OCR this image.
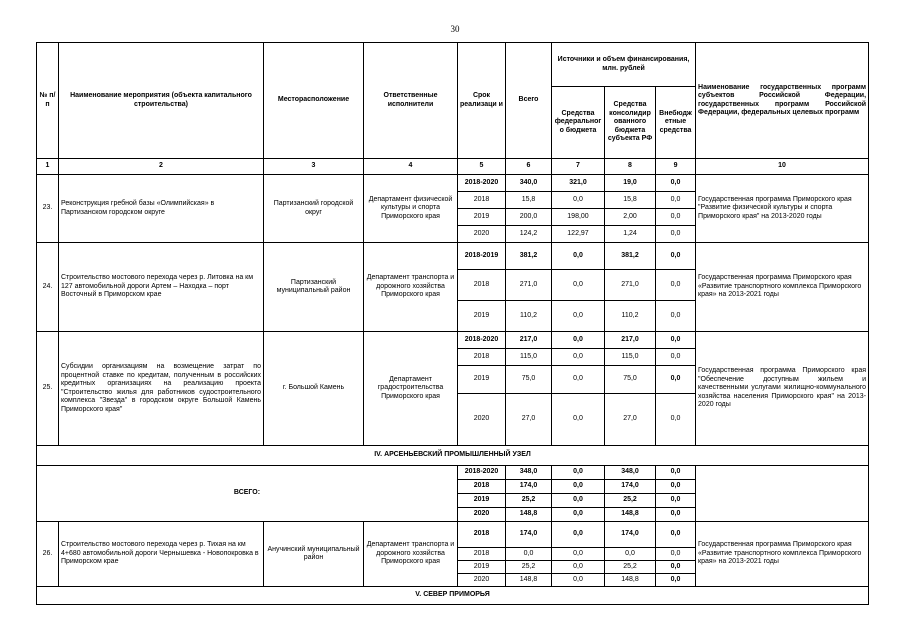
30
№ п/п	Наименование мероприятия (объекта капитального строительства)	Месторасположение	Ответственные исполнители	Срок реализаци и	Всего	Источники и объем финансирования, млн. рублей			Наименование государственных программ субъектов Российской Федерации, государственных программ Российской Федерации, федеральных целевых программ
						Средства федеральног о бюджета	Средства консолидир ованного бюджета субъекта РФ	Внебюдж етные средства	
1	2	3	4	5	6	7	8	9	10
23.	Реконструкция гребной базы «Олимпийская» в Партизанском городском округе	Партизанский городской округ	Департамент физической культуры и спорта Приморского края	2018-2020	340,0	321,0	19,0	0,0	Государственная программа Приморского края "Развитие физической культуры и спорта Приморского края" на 2013-2020 годы
				2018	15,8	0,0	15,8	0,0	
				2019	200,0	198,00	2,00	0,0	
				2020	124,2	122,97	1,24	0,0	
24.	Строительство мостового перехода через р. Литовка на км 127 автомобильной дороги Артем – Находка – порт Восточный в Приморском крае	Партизанский муниципальный район	Департамент транспорта и дорожного хозяйства Приморского края	2018-2019	381,2	0,0	381,2	0,0	Государственная программа Приморского края «Развитие транспортного комплекса Приморского края» на 2013-2021 годы
				2018	271,0	0,0	271,0	0,0	
				2019	110,2	0,0	110,2	0,0	
25.	Субсидии организациям на возмещение затрат по процентной ставке по кредитам, полученным в российских кредитных организациях на реализацию проекта "Строительство жилья для работников судостроительного комплекса "Звезда" в городском округе Большой Камень Приморского края"	г. Большой Камень	Департамент градостроительства Приморского края	2018-2020	217,0	0,0	217,0	0,0	Государственная программа Приморского края "Обеспечение доступным жильем и качественными услугами жилищно-коммунального хозяйства населения Приморского края" на 2013-2020 годы
				2018	115,0	0,0	115,0	0,0	
				2019	75,0	0,0	75,0	0,0	
				2020	27,0	0,0	27,0	0,0	
IV. АРСЕНЬЕВСКИЙ ПРОМЫШЛЕННЫЙ УЗЕЛ									
ВСЕГО:				2018-2020	348,0	0,0	348,0	0,0	
				2018	174,0	0,0	174,0	0,0	
				2019	25,2	0,0	25,2	0,0	
				2020	148,8	0,0	148,8	0,0	
26.	Строительство мостового перехода через р. Тихая на км 4+680 автомобильной дороги Чернышевка - Новопокровка в Приморском крае	Анучинский муниципальный район	Департамент транспорта и дорожного хозяйства Приморского края	2018	174,0	0,0	174,0	0,0	Государственная программа Приморского края «Развитие транспортного комплекса Приморского края» на 2013-2021 годы
				2018	0,0	0,0	0,0	0,0	
				2019	25,2	0,0	25,2	0,0	
				2020	148,8	0,0	148,8	0,0	
V. СЕВЕР ПРИМОРЬЯ									
